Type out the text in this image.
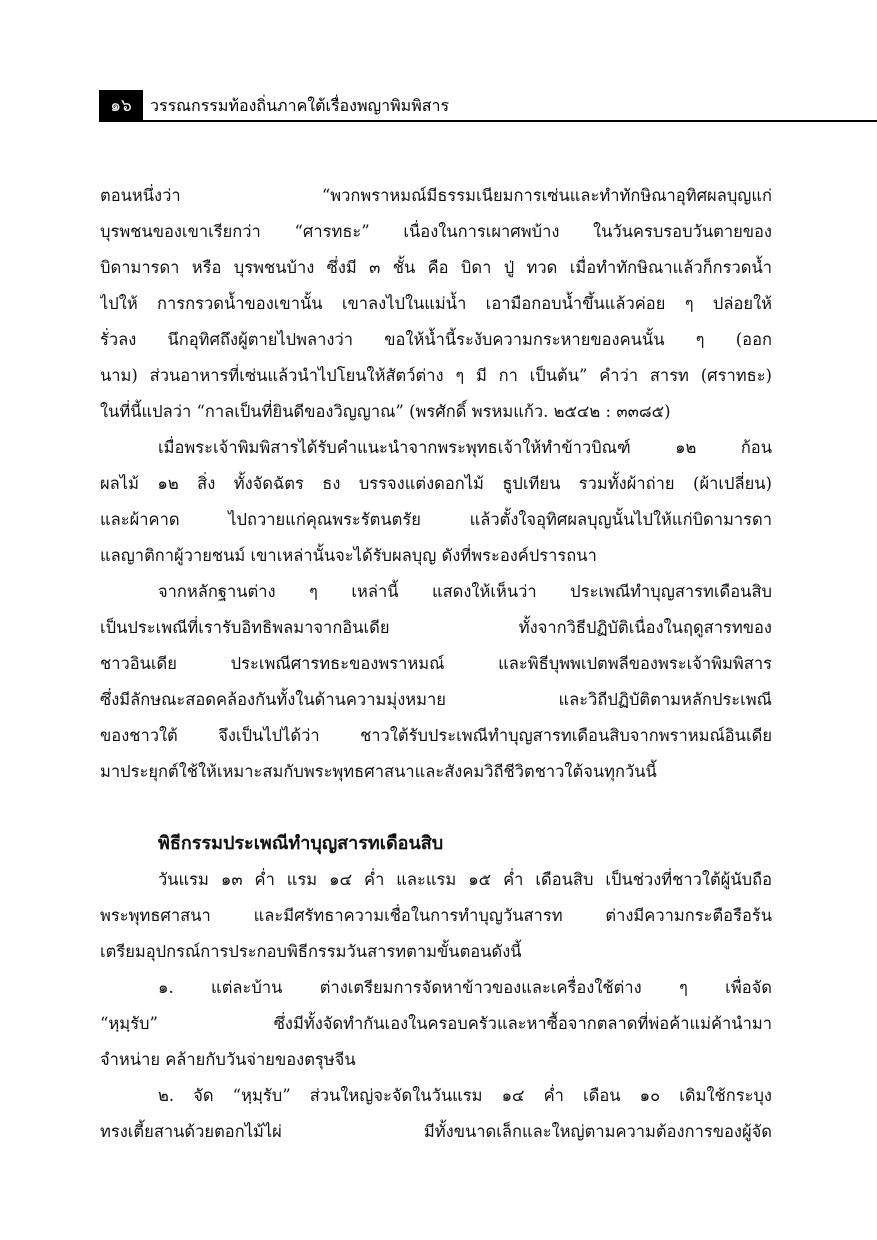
๑๖	วรรณกรรมท้องถิ่นภาคใต้เรื่องพญาพิมพิสาร
ตอนหนึ่งว่า “พวกพราหมณ์มีธรรมเนียมการเซ่นและทำทักษิณาอุทิศผลบุญแก่
บุรพชนของเขาเรียกว่า “ศารทธะ” เนื่องในการเผาศพบ้าง ในวันครบรอบวันตายของ
บิดามารดา หรือ บุรพชนบ้าง ซึ่งมี ๓ ชั้น คือ บิดา ปู่ ทวด เมื่อทำทักษิณาแล้วก็กรวดน้ำ
ไปให้ การกรวดน้ำของเขานั้น เขาลงไปในแม่น้ำ เอามือกอบน้ำขึ้นแล้วค่อย ๆ ปล่อยให้
รั่วลง นึกอุทิศถึงผู้ตายไปพลางว่า ขอให้น้ำนี้ระงับความกระหายของคนนั้น ๆ (ออก
นาม) ส่วนอาหารที่เซ่นแล้วนำไปโยนให้สัตว์ต่าง ๆ มี กา เป็นต้น” คำว่า สารท (ศราทธะ)
ในที่นี้แปลว่า “กาลเป็นที่ยินดีของวิญญาณ” (พรศักดิ์ พรหมแก้ว. ๒๕๔๒ : ๓๓๘๕)
เมื่อพระเจ้าพิมพิสารได้รับคำแนะนำจากพระพุทธเจ้าให้ทำข้าวบิณฑ์ ๑๒ ก้อน
ผลไม้ ๑๒ สิ่ง ทั้งจัดฉัตร ธง บรรจงแต่งดอกไม้ ธูปเทียน รวมทั้งผ้าถ่าย (ผ้าเปลี่ยน)
และผ้าคาด ไปถวายแก่คุณพระรัตนตรัย แล้วตั้งใจอุทิศผลบุญนั้นไปให้แก่บิดามารดา
แลญาติกาผู้วายชนม์ เขาเหล่านั้นจะได้รับผลบุญ ดังที่พระองค์ปรารถนา
จากหลักฐานต่าง ๆ เหล่านี้ แสดงให้เห็นว่า ประเพณีทำบุญสารทเดือนสิบ
เป็นประเพณีที่เรารับอิทธิพลมาจากอินเดีย ทั้งจากวิธีปฏิบัติเนื่องในฤดูสารทของ
ชาวอินเดีย ประเพณีศารทธะของพราหมณ์ และพิธีบุพพเปตพลีของพระเจ้าพิมพิสาร
ซึ่งมีลักษณะสอดคล้องกันทั้งในด้านความมุ่งหมาย และวิถีปฏิบัติตามหลักประเพณี
ของชาวใต้ จึงเป็นไปได้ว่า ชาวใต้รับประเพณีทำบุญสารทเดือนสิบจากพราหมณ์อินเดีย
มาประยุกต์ใช้ให้เหมาะสมกับพระพุทธศาสนาและสังคมวิถีชีวิตชาวใต้จนทุกวันนี้
พิธีกรรมประเพณีทำบุญสารทเดือนสิบ
วันแรม ๑๓ ค่ำ แรม ๑๔ ค่ำ และแรม ๑๕ ค่ำ เดือนสิบ เป็นช่วงที่ชาวใต้ผู้นับถือ
พระพุทธศาสนา และมีศรัทธาความเชื่อในการทำบุญวันสารท ต่างมีความกระตือรือร้น
เตรียมอุปกรณ์การประกอบพิธีกรรมวันสารทตามขั้นตอนดังนี้
๑. แต่ละบ้าน ต่างเตรียมการจัดหาข้าวของและเครื่องใช้ต่าง ๆ เพื่อจัด
“หฺมฺรับ” ซึ่งมีทั้งจัดทำกันเองในครอบครัวและหาซื้อจากตลาดที่พ่อค้าแม่ค้านำมา
จำหน่าย คล้ายกับวันจ่ายของตรุษจีน
๒. จัด “หฺมฺรับ” ส่วนใหญ่จะจัดในวันแรม ๑๔ ค่ำ เดือน ๑๐ เดิมใช้กระบุง
ทรงเตี้ยสานด้วยตอกไม้ไผ่ มีทั้งขนาดเล็กและใหญ่ตามความต้องการของผู้จัด
